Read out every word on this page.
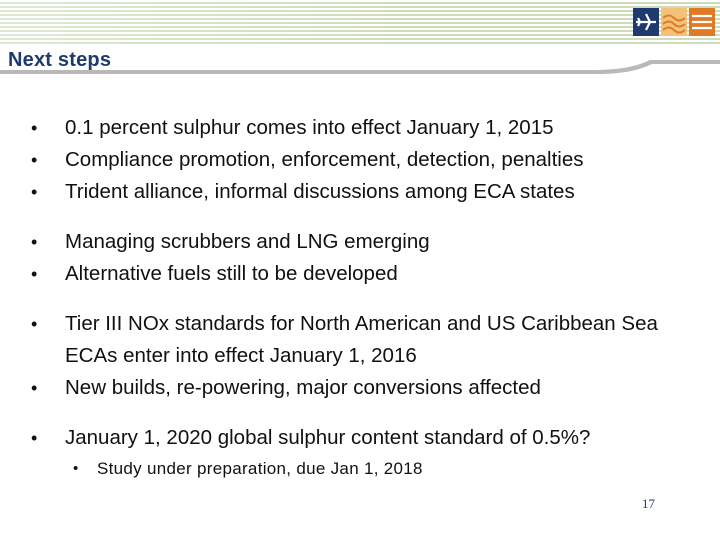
Next steps
• 0.1 percent sulphur comes into effect January 1, 2015
• Compliance promotion, enforcement, detection, penalties
• Trident alliance, informal discussions among ECA states
• Managing scrubbers and LNG emerging
• Alternative fuels still to be developed
• Tier III NOx standards for North American and US Caribbean Sea ECAs enter into effect January 1, 2016
• New builds, re-powering, major conversions affected
• January 1, 2020 global sulphur content standard of 0.5%?
• Study under preparation, due Jan 1, 2018
17
